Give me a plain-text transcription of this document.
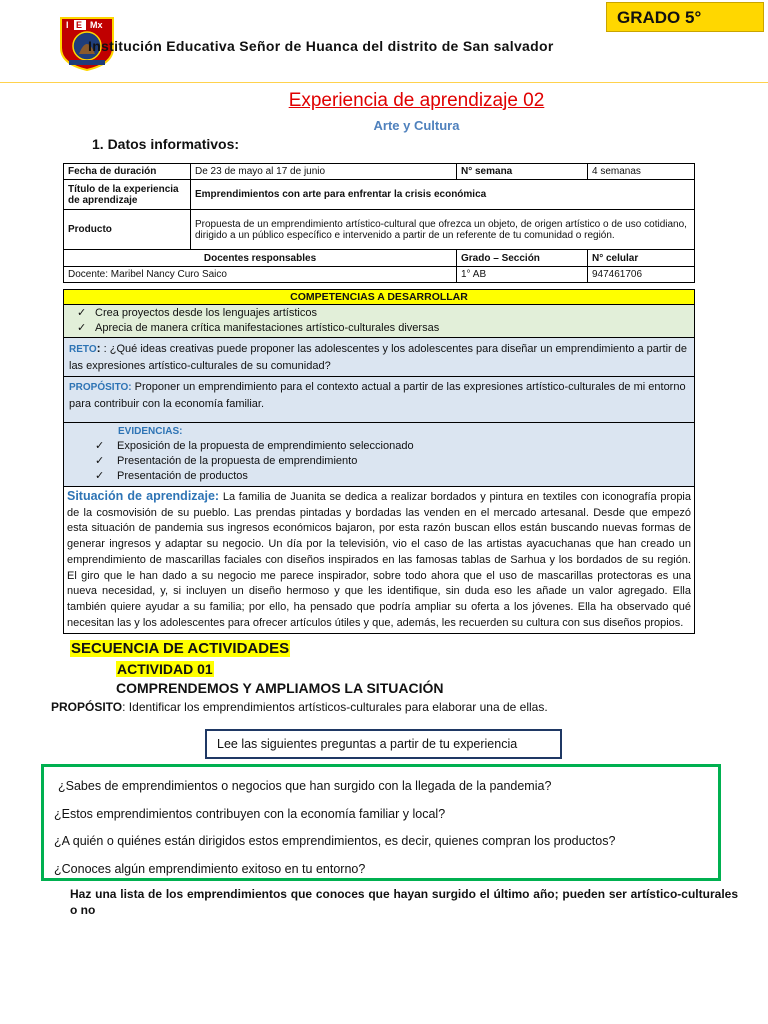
GRADO 5°
I E Mx
Institución Educativa Señor de Huanca del distrito de San salvador
Experiencia de aprendizaje 02
Arte y Cultura
1. Datos informativos:
Fecha de duración	De 23 de mayo al 17 de junio	N° semana	4 semanas
Título de la experiencia de aprendizaje	Emprendimientos con arte para enfrentar la crisis económica		
Producto	Propuesta de un emprendimiento artístico-cultural que ofrezca un objeto, de origen artístico o de uso cotidiano, dirigido a un público específico e intervenido a partir de un referente de tu comunidad o región.		
Docentes responsables		Grado – Sección	N° celular
Docente: Maribel Nancy Curo Saico		1° AB	947461706
COMPETENCIAS A DESARROLLAR

✓ Crea proyectos desde los lenguajes artísticos
✓ Aprecia de manera crítica manifestaciones artístico-culturales diversas

RETO: : ¿Qué ideas creativas puede proponer las adolescentes y los adolescentes para diseñar un emprendimiento a partir de las expresiones artístico-culturales de su comunidad?
PROPÓSITO: Proponer un emprendimiento para el contexto actual a partir de las expresiones artístico-culturales de mi entorno para contribuir con la economía familiar.

EVIDENCIAS:
✓ Exposición de la propuesta de emprendimiento seleccionado
✓ Presentación de la propuesta de emprendimiento
✓ Presentación de productos

Situación de aprendizaje: La familia de Juanita se dedica a realizar bordados y pintura en textiles con iconografía propia de la cosmovisión de su pueblo. Las prendas pintadas y bordadas las venden en el mercado artesanal. Desde que empezó esta situación de pandemia sus ingresos económicos bajaron, por esta razón buscan ellos están buscando nuevas formas de generar ingresos y adaptar su negocio. Un día por la televisión, vio el caso de las artistas ayacuchanas que han creado un emprendimiento de mascarillas faciales con diseños inspirados en las famosas tablas de Sarhua y los bordados de su región. El giro que le han dado a su negocio me parece inspirador, sobre todo ahora que el uso de mascarillas protectoras es una nueva necesidad, y, si incluyen un diseño hermoso y que les identifique, sin duda eso les añade un valor agregado. Ella también quiere ayudar a su familia; por ello, ha pensado que podría ampliar su oferta a los jóvenes. Ella ha observado qué necesitan las y los adolescentes para ofrecer artículos útiles y que, además, les recuerden su cultura con sus diseños propios.
SECUENCIA DE ACTIVIDADES
ACTIVIDAD 01
COMPRENDEMOS Y AMPLIAMOS LA SITUACIÓN
PROPÓSITO: Identificar los emprendimientos artísticos-culturales para elaborar una de ellas.
Lee las siguientes preguntas a partir de tu experiencia
¿Sabes de emprendimientos o negocios que han surgido con la llegada de la pandemia?
¿Estos emprendimientos contribuyen con la economía familiar y local?
¿A quién o quiénes están dirigidos estos emprendimientos, es decir, quienes compran los productos?
¿Conoces algún emprendimiento exitoso en tu entorno?
Haz una lista de los emprendimientos que conoces que hayan surgido el último año; pueden ser artístico-culturales o no
